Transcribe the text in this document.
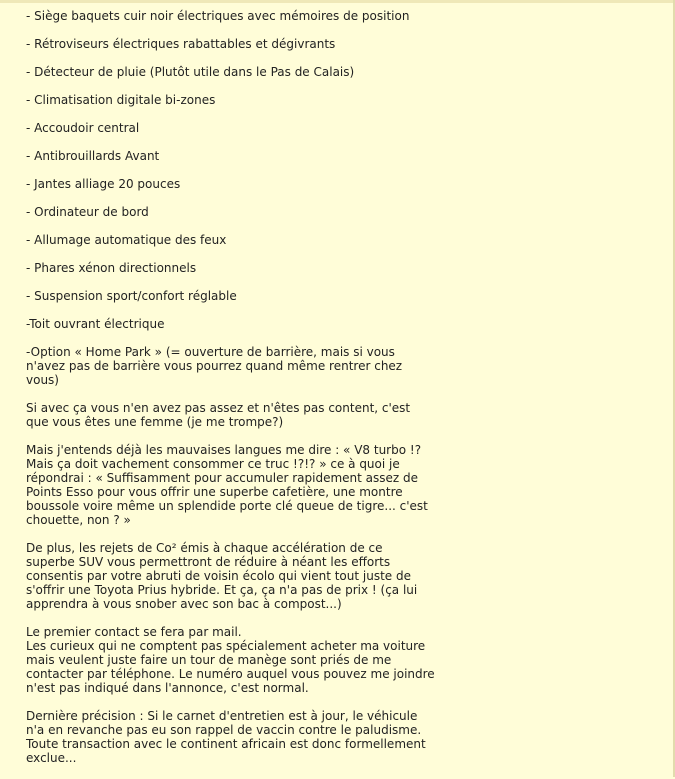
- Siège baquets cuir noir électriques avec mémoires de position

- Rétroviseurs électriques rabattables et dégivrants

- Détecteur de pluie (Plutôt utile dans le Pas de Calais)

- Climatisation digitale bi-zones

- Accoudoir central

- Antibrouillards Avant

- Jantes alliage 20 pouces

- Ordinateur de bord

- Allumage automatique des feux

- Phares xénon directionnels

- Suspension sport/confort réglable

-Toit ouvrant électrique

-Option « Home Park » (= ouverture de barrière, mais si vous

n'avez pas de barrière vous pourrez quand même rentrer chez

vous)

Si avec ça vous n'en avez pas assez et n'êtes pas content, c'est

que vous êtes une femme (je me trompe?)

Mais j'entends déjà les mauvaises langues me dire : « V8 turbo !?

Mais ça doit vachement consommer ce truc !?!? » ce à quoi je

répondrai : « Suffisamment pour accumuler rapidement assez de

Points Esso pour vous offrir une superbe cafetière, une montre

boussole voire même un splendide porte clé queue de tigre... c'est

chouette, non ? »

De plus, les rejets de Co² émis à chaque accélération de ce

superbe SUV vous permettront de réduire à néant les efforts

consentis par votre abruti de voisin écolo qui vient tout juste de

s'offrir une Toyota Prius hybride. Et ça, ça n'a pas de prix ! (ça lui

apprendra à vous snober avec son bac à compost...)

Le premier contact se fera par mail.

Les curieux qui ne comptent pas spécialement acheter ma voiture

mais veulent juste faire un tour de manège sont priés de me

contacter par téléphone. Le numéro auquel vous pouvez me joindre

n'est pas indiqué dans l'annonce, c'est normal.

Dernière précision : Si le carnet d'entretien est à jour, le véhicule

n'a en revanche pas eu son rappel de vaccin contre le paludisme.

Toute transaction avec le continent africain est donc formellement

exclue...
